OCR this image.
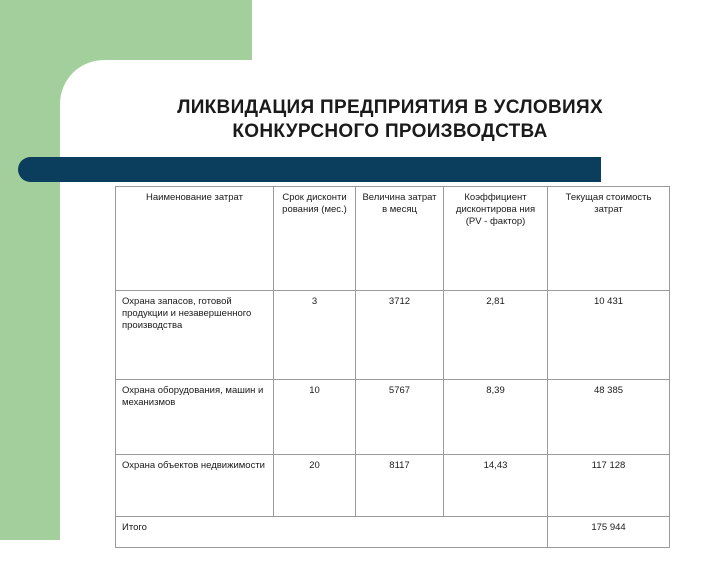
ЛИКВИДАЦИЯ ПРЕДПРИЯТИЯ В УСЛОВИЯХ
КОНКУРСНОГО ПРОИЗВОДСТВА
Наименование затрат	Срок дисконти рования (мес.)	Величина затрат в месяц	Коэффициент дисконтирова ния (PV - фактор)	Текущая стоимость затрат
Охрана запасов, готовой продукции и незавершенного производства	3	3712	2,81	10 431
Охрана оборудования, машин и механизмов	10	5767	8,39	48 385
Охрана объектов недвижимости	20	8117	14,43	117 128
Итого				175 944
